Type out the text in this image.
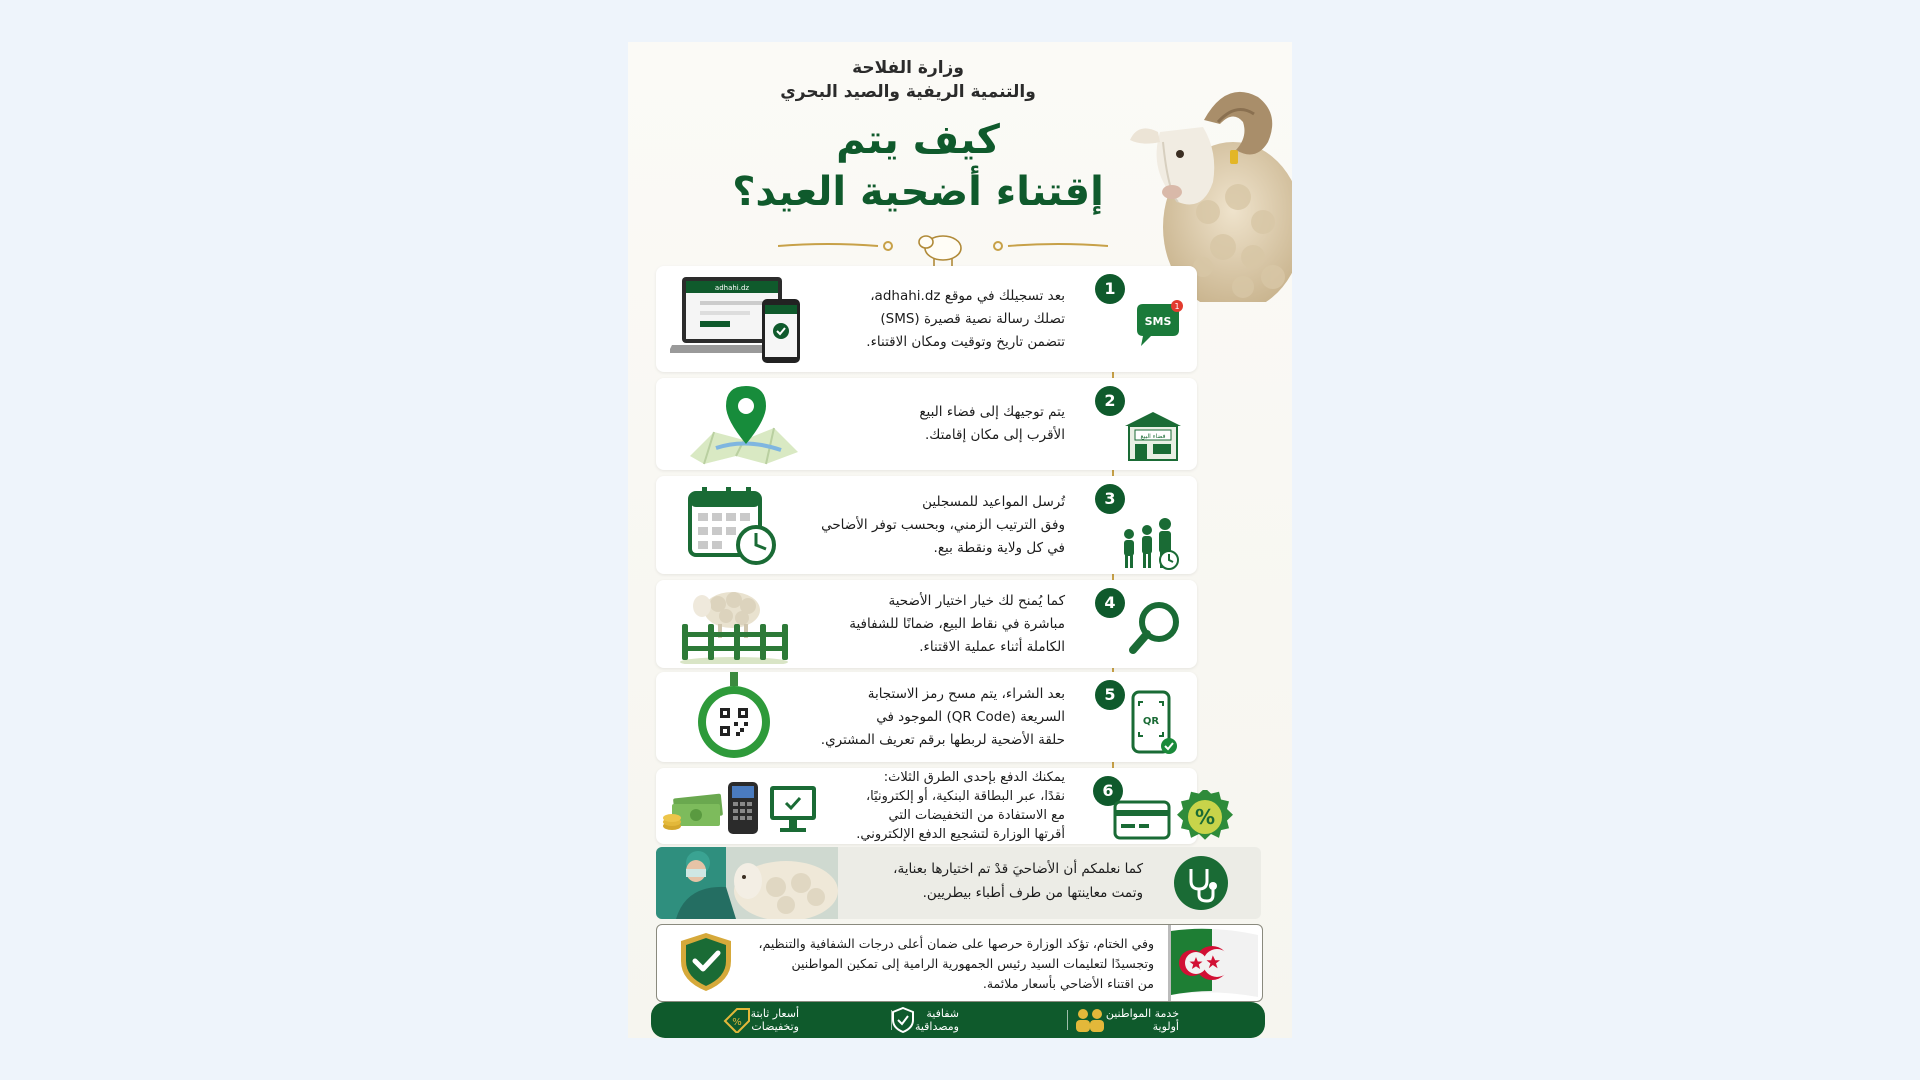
وزارة الفلاحة
والتنمية الريفية والصيد البحري
كيف يتم
إقتناء أضحية العيد؟
adhahi.dz	بعد تسجيلك في موقع adhahi.dz،
تصلك رسالة نصية قصيرة (SMS)
تتضمن تاريخ وتوقيت ومكان الاقتناء.
1
SMS
1
يتم توجيهك إلى فضاء البيع
الأقرب إلى مكان إقامتك.
2
فضاء البيع
تُرسل المواعيد للمسجلين
وفق الترتيب الزمني، وبحسب توفر الأضاحي
في كل ولاية ونقطة بيع.
3
كما يُمنح لك خيار اختيار الأضحية
مباشرة في نقاط البيع، ضمانًا للشفافية
الكاملة أثناء عملية الاقتناء.
4
بعد الشراء، يتم مسح رمز الاستجابة
السريعة (QR Code) الموجود في
حلقة الأضحية لربطها برقم تعريف المشتري.
5
QR
يمكنك الدفع بإحدى الطرق الثلاث:
نقدًا، عبر البطاقة البنكية، أو إلكترونيًا،
مع الاستفادة من التخفيضات التي
أقرتها الوزارة لتشجيع الدفع الإلكتروني.
6
%
كما نعلمكم أن الأضاحيَ قدْ تم اختيارها بعناية،
وتمت معاينتها من طرف أطباء بيطريين.
وفي الختام، تؤكد الوزارة حرصها على ضمان أعلى درجات الشفافية والتنظيم،
وتجسيدًا لتعليمات السيد رئيس الجمهورية الرامية إلى تمكين المواطنين
من اقتناء الأضاحي بأسعار ملائمة.
خدمة المواطنين
أولوية
شفافية
ومصداقية
أسعار ثابتة
وتخفيضات
%
